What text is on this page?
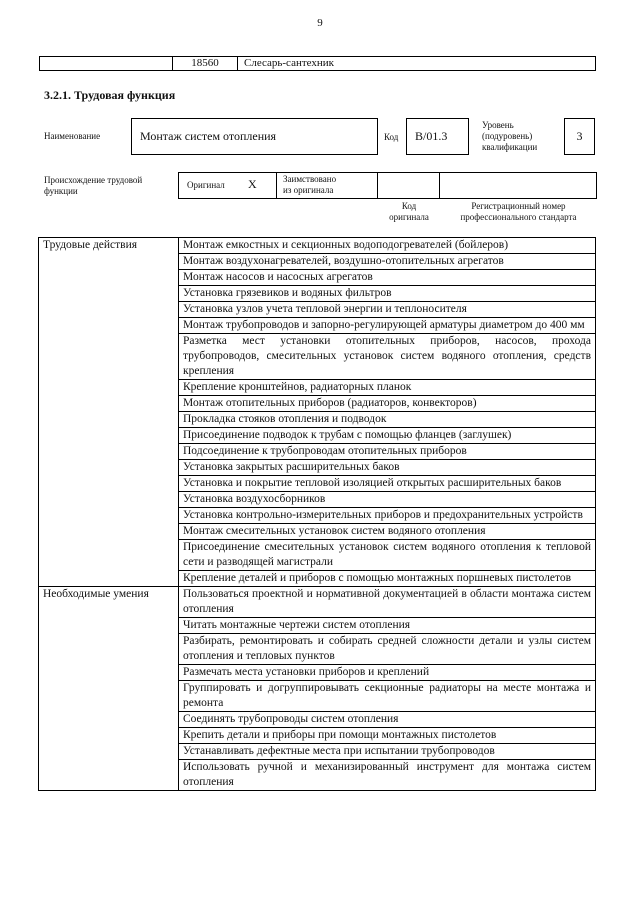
9
	18560	Слесарь-сантехник
3.2.1. Трудовая функция
Наименование	Монтаж систем отопления	Код B/01.3
Уровень
(подуровень)
квалификации
3
Происхождение трудовой
функции
Оригинал X	Заимствовано
из оригинала
Код
оригинала
Регистрационный номер
профессионального стандарта
Трудовые действия	Монтаж емкостных и секционных водоподогревателей (бойлеров)
	Монтаж воздухонагревателей, воздушно-отопительных агрегатов
	Монтаж насосов и насосных агрегатов
	Установка грязевиков и водяных фильтров
	Установка узлов учета тепловой энергии и теплоносителя
	Монтаж трубопроводов и запорно-регулирующей арматуры диаметром до 400 мм
	Разметка мест установки отопительных приборов, насосов, прохода трубопроводов, смесительных установок систем водяного отопления, средств крепления
	Крепление кронштейнов, радиаторных планок
	Монтаж отопительных приборов (радиаторов, конвекторов)
	Прокладка стояков отопления и подводок
	Присоединение подводок к трубам с помощью фланцев (заглушек)
	Подсоединение к трубопроводам отопительных приборов
	Установка закрытых расширительных баков
	Установка и покрытие тепловой изоляцией открытых расширительных баков
	Установка воздухосборников
	Установка контрольно-измерительных приборов и предохранительных устройств
	Монтаж смесительных установок систем водяного отопления
	Присоединение смесительных установок систем водяного отопления к тепловой сети и разводящей магистрали
	Крепление деталей и приборов с помощью монтажных поршневых пистолетов
Необходимые умения	Пользоваться проектной и нормативной документацией в области монтажа систем отопления
	Читать монтажные чертежи систем отопления
	Разбирать, ремонтировать и собирать средней сложности детали и узлы систем отопления и тепловых пунктов
	Размечать места установки приборов и креплений
	Группировать и догруппировывать секционные радиаторы на месте монтажа и ремонта
	Соединять трубопроводы систем отопления
	Крепить детали и приборы при помощи монтажных пистолетов
	Устанавливать дефектные места при испытании трубопроводов
	Использовать ручной и механизированный инструмент для монтажа систем отопления
